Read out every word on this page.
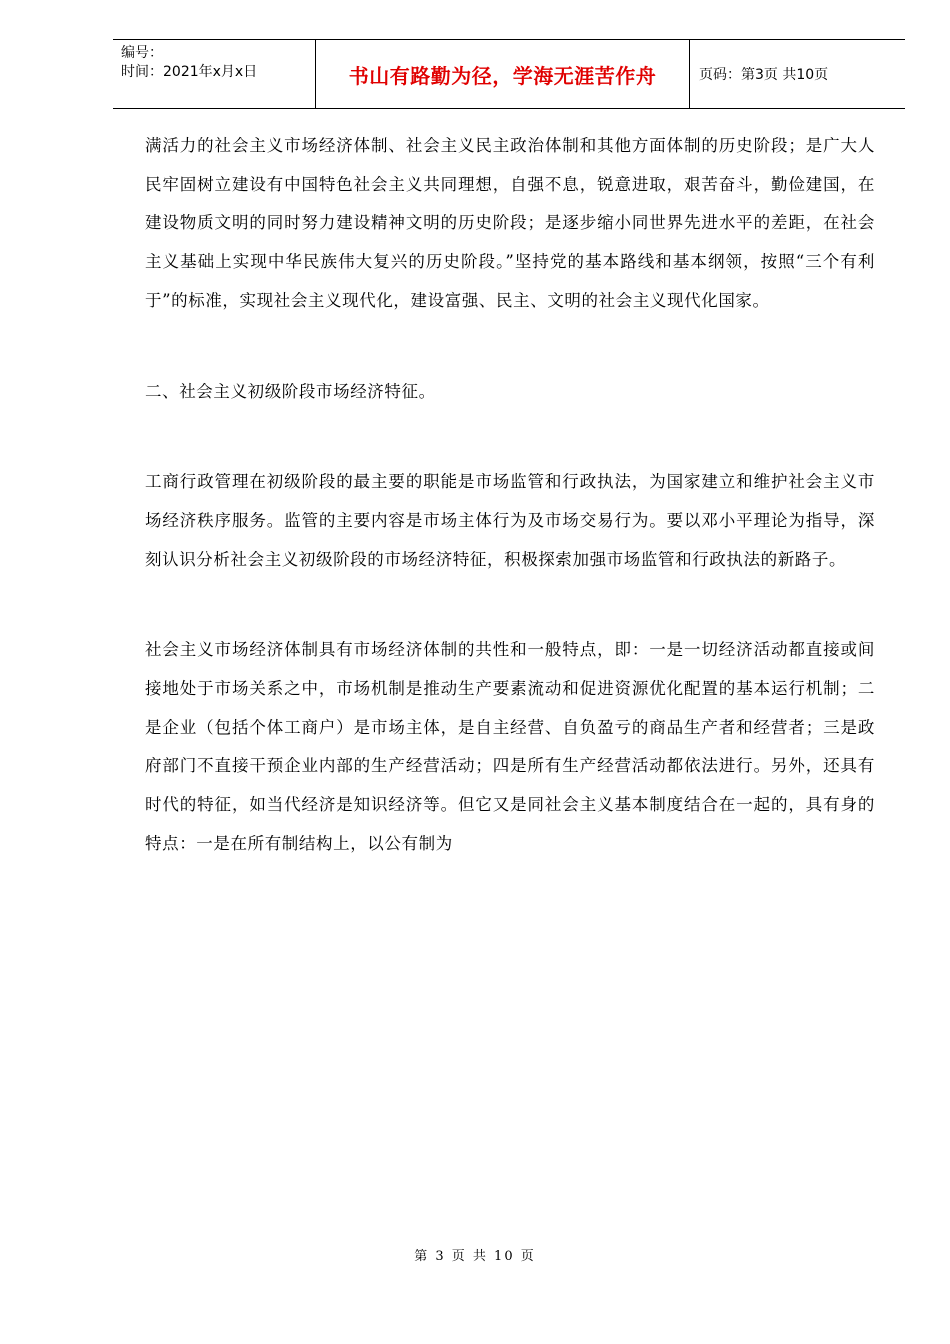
编号：
时间：2021年x月x日	书山有路勤为径，学海无涯苦作舟	页码：第3页 共10页

满活力的社会主义市场经济体制、社会主义民主政治体制和其他方面体制的历史阶段；是广大人民牢固树立建设有中国特色社会主义共同理想，自强不息，锐意进取，艰苦奋斗，勤俭建国，在建设物质文明的同时努力建设精神文明的历史阶段；是逐步缩小同世界先进水平的差距，在社会主义基础上实现中华民族伟大复兴的历史阶段。”坚持党的基本路线和基本纲领，按照“三个有利于”的标准，实现社会主义现代化，建设富强、民主、文明的社会主义现代化国家。

二、社会主义初级阶段市场经济特征。

工商行政管理在初级阶段的最主要的职能是市场监管和行政执法，为国家建立和维护社会主义市场经济秩序服务。监管的主要内容是市场主体行为及市场交易行为。要以邓小平理论为指导，深刻认识分析社会主义初级阶段的市场经济特征，积极探索加强市场监管和行政执法的新路子。

社会主义市场经济体制具有市场经济体制的共性和一般特点，即：一是一切经济活动都直接或间接地处于市场关系之中，市场机制是推动生产要素流动和促进资源优化配置的基本运行机制；二是企业（包括个体工商户）是市场主体，是自主经营、自负盈亏的商品生产者和经营者；三是政府部门不直接干预企业内部的生产经营活动；四是所有生产经营活动都依法进行。另外，还具有时代的特征，如当代经济是知识经济等。但它又是同社会主义基本制度结合在一起的，具有身的特点：一是在所有制结构上，以公有制为

第 3 页 共 10 页
